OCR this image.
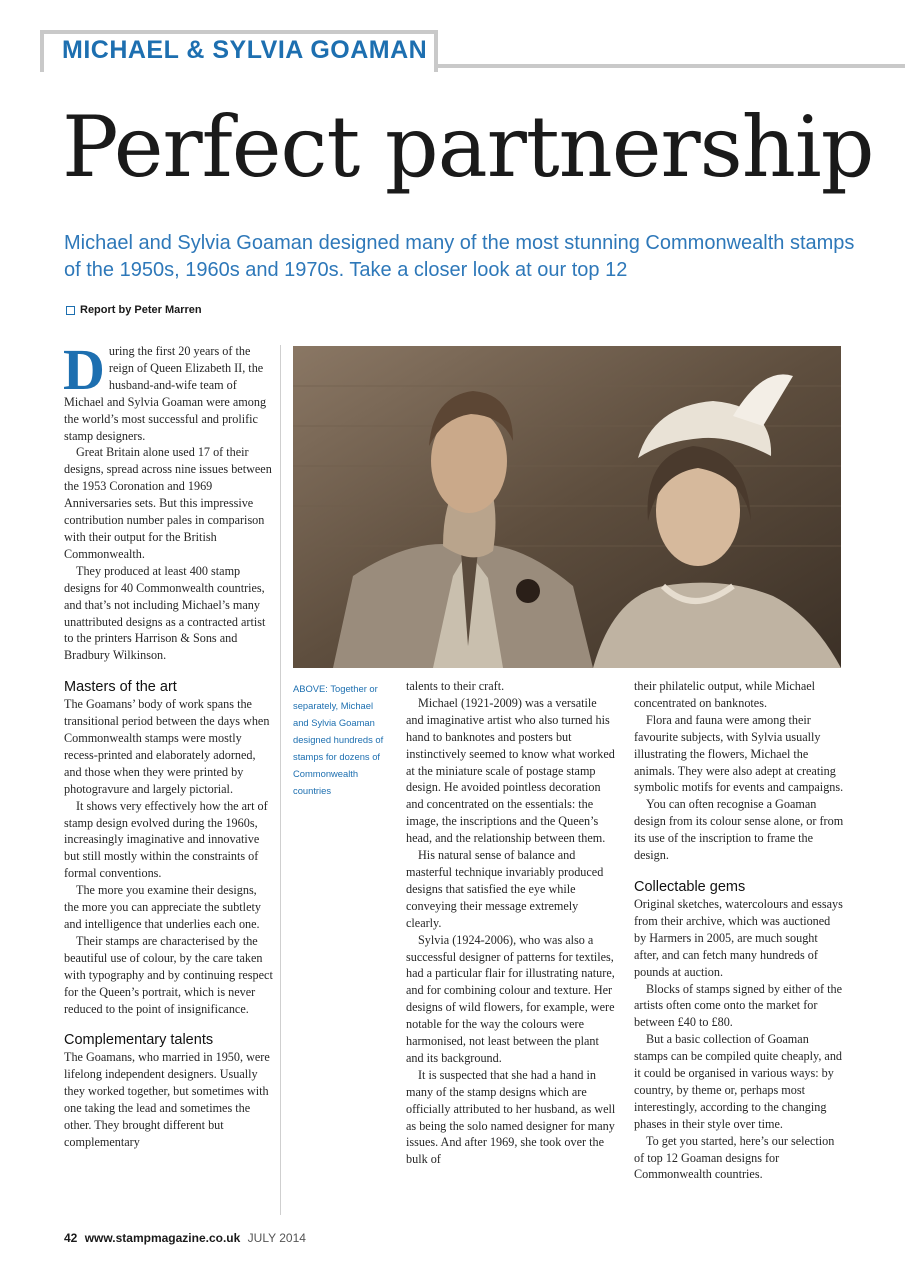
MICHAEL & SYLVIA GOAMAN
Perfect partnership

Michael and Sylvia Goaman designed many of the most stunning Commonwealth stamps of the 1950s, 1960s and 1970s. Take a closer look at our top 12

Report by Peter Marren

During the first 20 years of the reign of Queen Elizabeth II, the husband-and-wife team of Michael and Sylvia Goaman were among the world’s most successful and prolific stamp designers.

Great Britain alone used 17 of their designs, spread across nine issues between the 1953 Coronation and 1969 Anniversaries sets. But this impressive contribution number pales in comparison with their output for the British Commonwealth.

They produced at least 400 stamp designs for 40 Commonwealth countries, and that’s not including Michael’s many unattributed designs as a contracted artist to the printers Harrison & Sons and Bradbury Wilkinson.

Masters of the art

The Goamans’ body of work spans the transitional period between the days when Commonwealth stamps were mostly recess-printed and elaborately adorned, and those when they were printed by photogravure and largely pictorial.

It shows very effectively how the art of stamp design evolved during the 1960s, increasingly imaginative and innovative but still mostly within the constraints of formal conventions.

The more you examine their designs, the more you can appreciate the subtlety and intelligence that underlies each one.

Their stamps are characterised by the beautiful use of colour, by the care taken with typography and by continuing respect for the Queen’s portrait, which is never reduced to the point of insignificance.

Complementary talents

The Goamans, who married in 1950, were lifelong independent designers. Usually they worked together, but sometimes with one taking the lead and sometimes the other. They brought different but complementary

ABOVE: Together or separately, Michael and Sylvia Goaman designed hundreds of stamps for dozens of Commonwealth countries

talents to their craft.

Michael (1921-2009) was a versatile and imaginative artist who also turned his hand to banknotes and posters but instinctively seemed to know what worked at the miniature scale of postage stamp design. He avoided pointless decoration and concentrated on the essentials: the image, the inscriptions and the Queen’s head, and the relationship between them.

His natural sense of balance and masterful technique invariably produced designs that satisfied the eye while conveying their message extremely clearly.

Sylvia (1924-2006), who was also a successful designer of patterns for textiles, had a particular flair for illustrating nature, and for combining colour and texture. Her designs of wild flowers, for example, were notable for the way the colours were harmonised, not least between the plant and its background.

It is suspected that she had a hand in many of the stamp designs which are officially attributed to her husband, as well as being the solo named designer for many issues. And after 1969, she took over the bulk of

their philatelic output, while Michael concentrated on banknotes.

Flora and fauna were among their favourite subjects, with Sylvia usually illustrating the flowers, Michael the animals. They were also adept at creating symbolic motifs for events and campaigns.

You can often recognise a Goaman design from its colour sense alone, or from its use of the inscription to frame the design.

Collectable gems

Original sketches, watercolours and essays from their archive, which was auctioned by Harmers in 2005, are much sought after, and can fetch many hundreds of pounds at auction.

Blocks of stamps signed by either of the artists often come onto the market for between £40 to £80.

But a basic collection of Goaman stamps can be compiled quite cheaply, and it could be organised in various ways: by country, by theme or, perhaps most interestingly, according to the changing phases in their style over time.

To get you started, here’s our selection of top 12 Goaman designs for Commonwealth countries.

42 www.stampmagazine.co.uk JULY 2014
